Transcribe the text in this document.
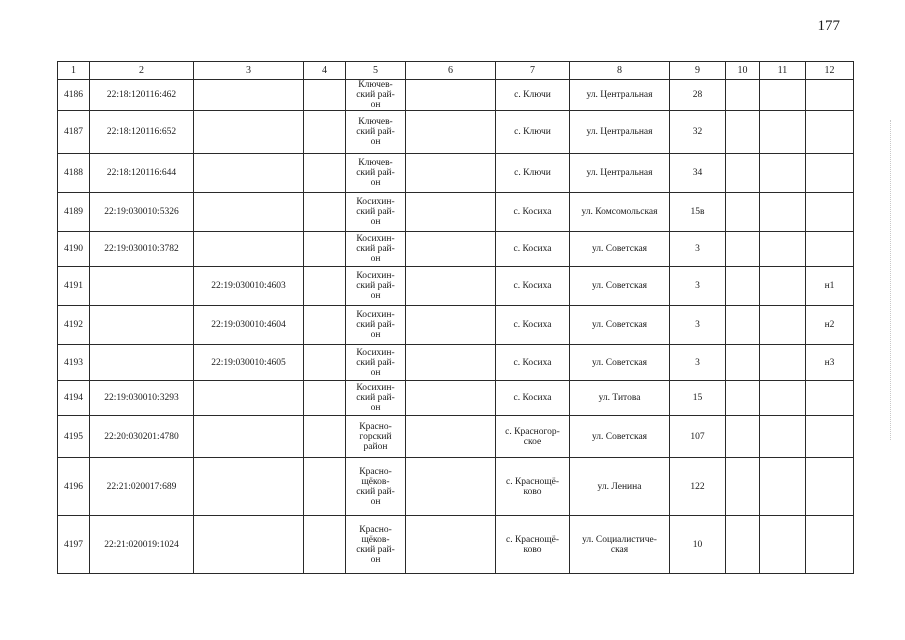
177
1	2	3	4	5	6	7	8	9	10	11	12
4186	22:18:120116:462			Ключев-
ский рай-
он		с. Ключи	ул. Центральная	28			
4187	22:18:120116:652			Ключев-
ский рай-
он		с. Ключи	ул. Центральная	32			
4188	22:18:120116:644			Ключев-
ский рай-
он		с. Ключи	ул. Центральная	34			
4189	22:19:030010:5326			Косихин-
ский рай-
он		с. Косиха	ул. Комсомольская	15в			
4190	22:19:030010:3782			Косихин-
ский рай-
он		с. Косиха	ул. Советская	3			
4191		22:19:030010:4603		Косихин-
ский рай-
он		с. Косиха	ул. Советская	3			н1
4192		22:19:030010:4604		Косихин-
ский рай-
он		с. Косиха	ул. Советская	3			н2
4193		22:19:030010:4605		Косихин-
ский рай-
он		с. Косиха	ул. Советская	3			н3
4194	22:19:030010:3293			Косихин-
ский рай-
он		с. Косиха	ул. Титова	15			
4195	22:20:030201:4780			Красно-
горский
район		с. Красногор-
ское	ул. Советская	107			
4196	22:21:020017:689			Красно-
щёков-
ский рай-
он		с. Краснощё-
ково	ул. Ленина	122			
4197	22:21:020019:1024			Красно-
щёков-
ский рай-
он		с. Краснощё-
ково	ул. Социалистиче-
ская	10			
